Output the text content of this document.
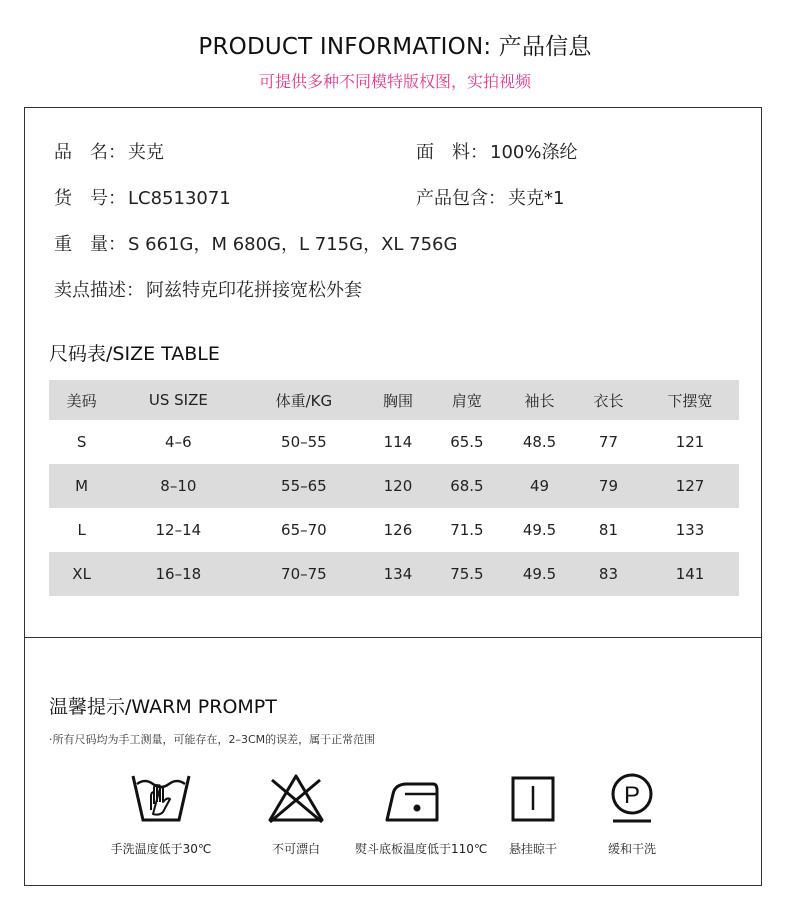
PRODUCT INFORMATION: 产品信息
可提供多种不同模特版权图，实拍视频
品　名： 夹克	面　料： 100%涤纶
货　号： LC8513071	产品包含： 夹克*1
重　量： S 661G，M 680G，L 715G，XL 756G
卖点描述： 阿兹特克印花拼接宽松外套
尺码表/SIZE TABLE
美码	US SIZE	体重/KG	胸围	肩宽	袖长	衣长	下摆宽
S	4–6	50–55	114	65.5	48.5	77	121
M	8–10	55–65	120	68.5	49	79	127
L	12–14	65–70	126	71.5	49.5	81	133
XL	16–18	70–75	134	75.5	49.5	83	141
温馨提示/WARM PROMPT
·所有尺码均为手工测量，可能存在，2–3CM的误差，属于正常范围
手洗温度低于30℃	不可漂白	熨斗底板温度低于110℃	悬挂晾干
P
缓和干洗
